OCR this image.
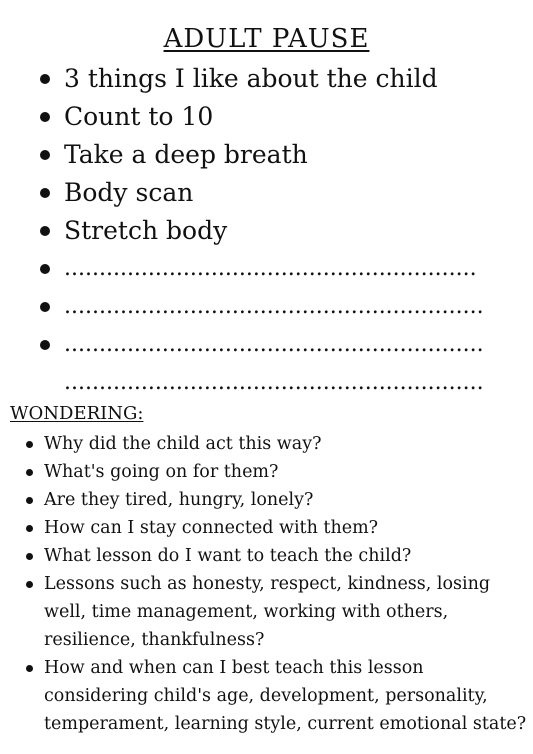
ADULT PAUSE
3 things I like about the child
Count to 10
Take a deep breath
Body scan
Stretch body
...........................................................
............................................................
............................................................
............................................................
WONDERING:
Why did the child act this way?
What's going on for them?
Are they tired, hungry, lonely?
How can I stay connected with them?
What lesson do I want to teach the child?
Lessons such as honesty, respect, kindness, losing well, time management, working with others, resilience, thankfulness?
How and when can I best teach this lesson considering child's age, development, personality, temperament, learning style, current emotional state?
